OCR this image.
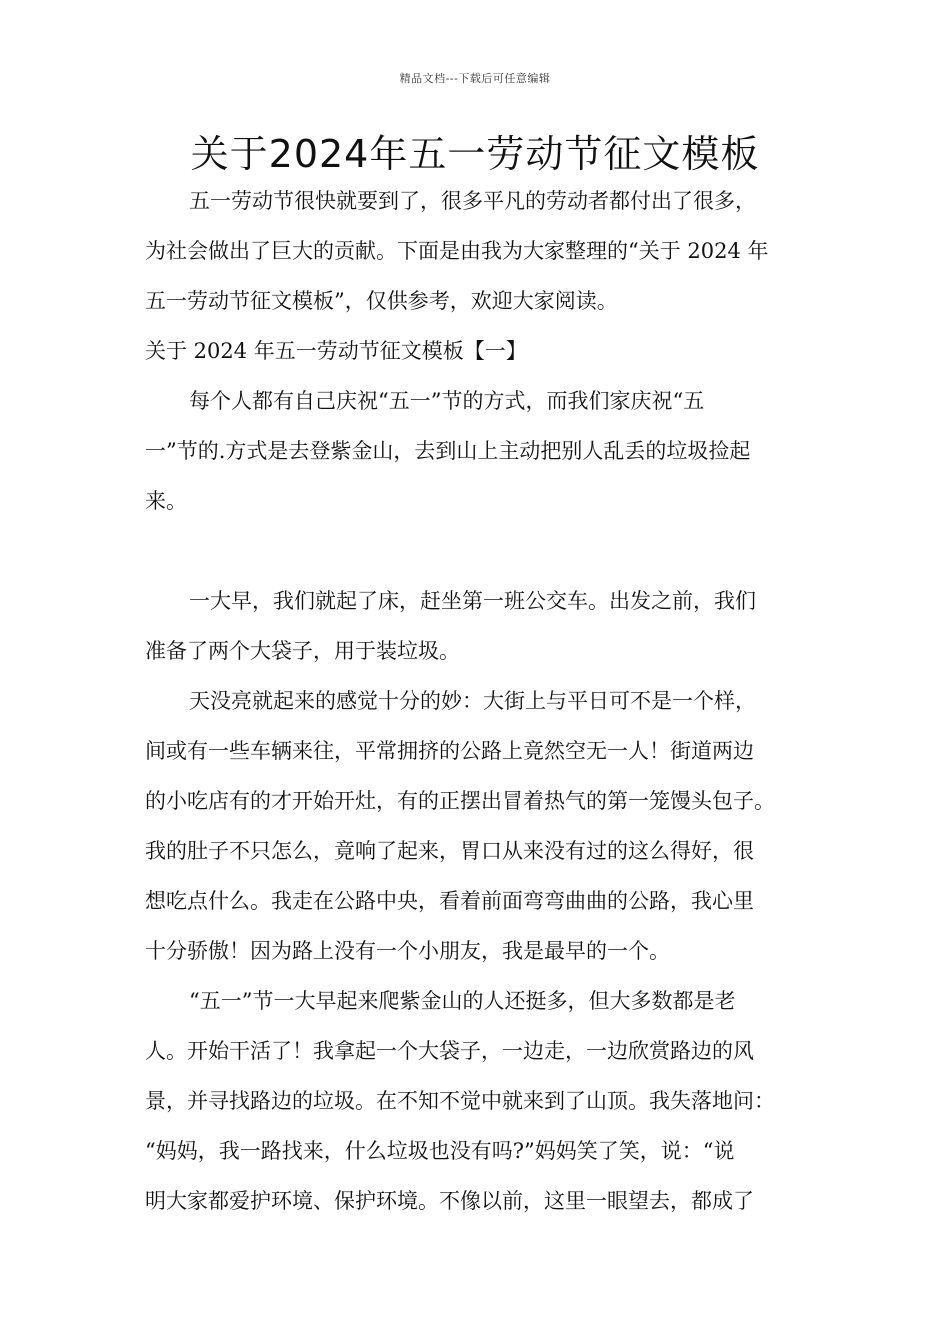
精品文档---下载后可任意编辑
关于2024年五一劳动节征文模板
五一劳动节很快就要到了，很多平凡的劳动者都付出了很多，
为社会做出了巨大的贡献。下面是由我为大家整理的“关于 2024 年
五一劳动节征文模板”，仅供参考，欢迎大家阅读。
关于 2024 年五一劳动节征文模板【一】
每个人都有自己庆祝“五一”节的方式，而我们家庆祝“五
一”节的.方式是去登紫金山，去到山上主动把别人乱丢的垃圾捡起
来。
一大早，我们就起了床，赶坐第一班公交车。出发之前，我们
准备了两个大袋子，用于装垃圾。
天没亮就起来的感觉十分的妙：大街上与平日可不是一个样，
间或有一些车辆来往，平常拥挤的公路上竟然空无一人！街道两边
的小吃店有的才开始开灶，有的正摆出冒着热气的第一笼馒头包子。
我的肚子不只怎么，竟响了起来，胃口从来没有过的这么得好，很
想吃点什么。我走在公路中央，看着前面弯弯曲曲的公路，我心里
十分骄傲！因为路上没有一个小朋友，我是最早的一个。
“五一”节一大早起来爬紫金山的人还挺多，但大多数都是老
人。开始干活了！我拿起一个大袋子，一边走，一边欣赏路边的风
景，并寻找路边的垃圾。在不知不觉中就来到了山顶。我失落地问：
“妈妈，我一路找来，什么垃圾也没有吗?”妈妈笑了笑，说：“说
明大家都爱护环境、保护环境。不像以前，这里一眼望去，都成了
